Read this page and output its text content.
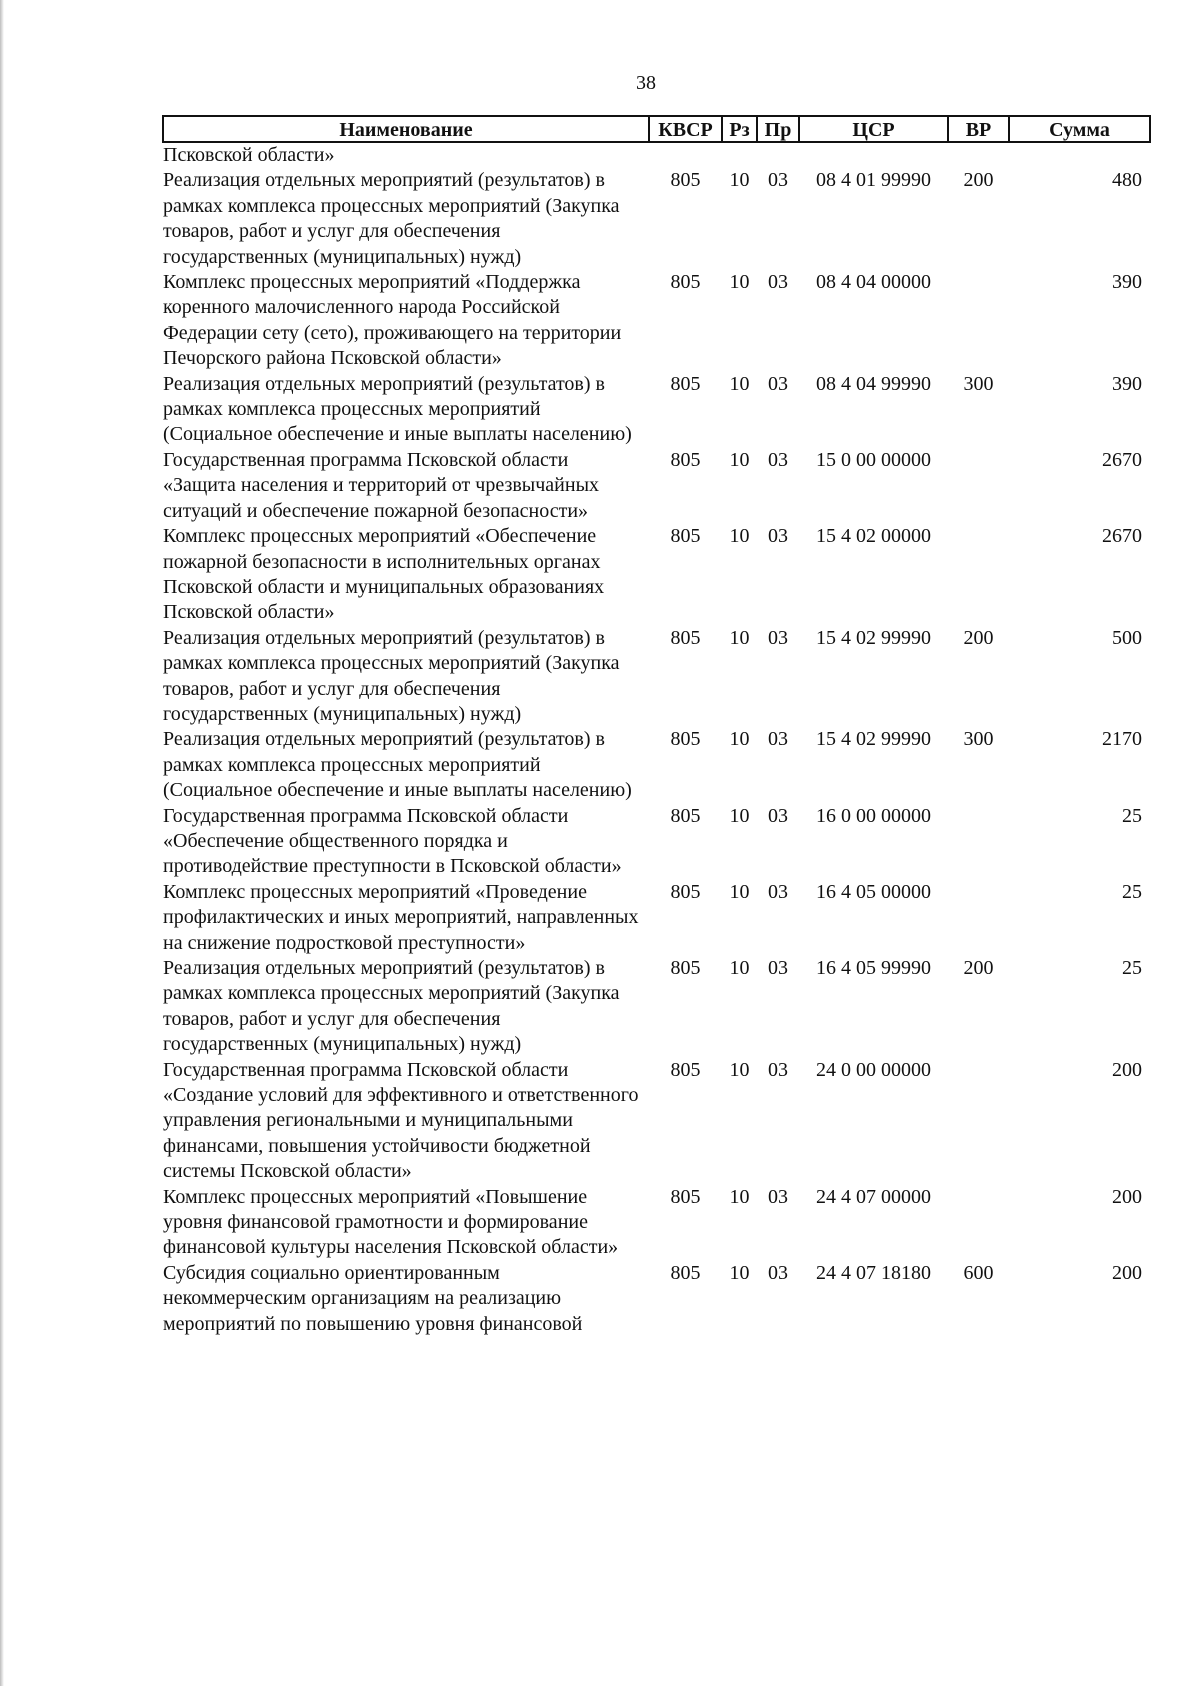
38
Наименование	КВСР	Рз	Пр	ЦСР	ВР	Сумма
Псковской области»						
Реализация отдельных мероприятий (результатов) в рамках комплекса процессных мероприятий (Закупка товаров, работ и услуг для обеспечения государственных (муниципальных) нужд)	805	10	03	08 4 01 99990	200	480
Комплекс процессных мероприятий «Поддержка коренного малочисленного народа Российской Федерации сету (сето), проживающего на территории Печорского района Псковской области»	805	10	03	08 4 04 00000		390
Реализация отдельных мероприятий (результатов) в рамках комплекса процессных мероприятий (Социальное обеспечение и иные выплаты населению)	805	10	03	08 4 04 99990	300	390
Государственная программа Псковской области «Защита населения и территорий от чрезвычайных ситуаций и обеспечение пожарной безопасности»	805	10	03	15 0 00 00000		2670
Комплекс процессных мероприятий «Обеспечение пожарной безопасности в исполнительных органах Псковской области и муниципальных образованиях Псковской области»	805	10	03	15 4 02 00000		2670
Реализация отдельных мероприятий (результатов) в рамках комплекса процессных мероприятий (Закупка товаров, работ и услуг для обеспечения государственных (муниципальных) нужд)	805	10	03	15 4 02 99990	200	500
Реализация отдельных мероприятий (результатов) в рамках комплекса процессных мероприятий (Социальное обеспечение и иные выплаты населению)	805	10	03	15 4 02 99990	300	2170
Государственная программа Псковской области «Обеспечение общественного порядка и противодействие преступности в Псковской области»	805	10	03	16 0 00 00000		25
Комплекс процессных мероприятий «Проведение профилактических и иных мероприятий, направленных на снижение подростковой преступности»	805	10	03	16 4 05 00000		25
Реализация отдельных мероприятий (результатов) в рамках комплекса процессных мероприятий (Закупка товаров, работ и услуг для обеспечения государственных (муниципальных) нужд)	805	10	03	16 4 05 99990	200	25
Государственная программа Псковской области «Создание условий для эффективного и ответственного управления региональными и муниципальными финансами, повышения устойчивости бюджетной системы Псковской области»	805	10	03	24 0 00 00000		200
Комплекс процессных мероприятий «Повышение уровня финансовой грамотности и формирование финансовой культуры населения Псковской области»	805	10	03	24 4 07 00000		200
Субсидия социально ориентированным некоммерческим организациям на реализацию мероприятий по повышению уровня финансовой	805	10	03	24 4 07 18180	600	200
